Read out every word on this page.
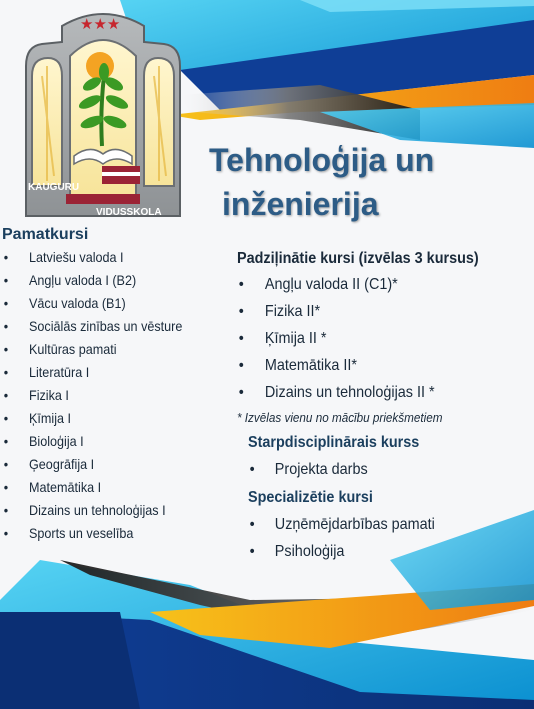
★★★
KAUGURU
VIDUSSKOLA
Tehnoloģija un
inženierija
Pamatkursi
• Latviešu valoda I
• Angļu valoda I (B2)
• Vācu valoda (B1)
• Sociālās zinības un vēsture
• Kultūras pamati
• Literatūra I
• Fizika I
• Ķīmija I
• Bioloģija I
• Ģeogrāfija I
• Matemātika I
• Dizains un tehnoloģijas I
• Sports un veselība
Padziļinātie kursi (izvēlas 3 kursus)
• Angļu valoda II (C1)*
• Fizika II*
• Ķīmija II *
• Matemātika II*
• Dizains un tehnoloģijas II *
* Izvēlas vienu no mācību priekšmetiem
Starpdisciplinārais kurss
• Projekta darbs
Specializētie kursi
• Uzņēmējdarbības pamati
• Psiholoģija
